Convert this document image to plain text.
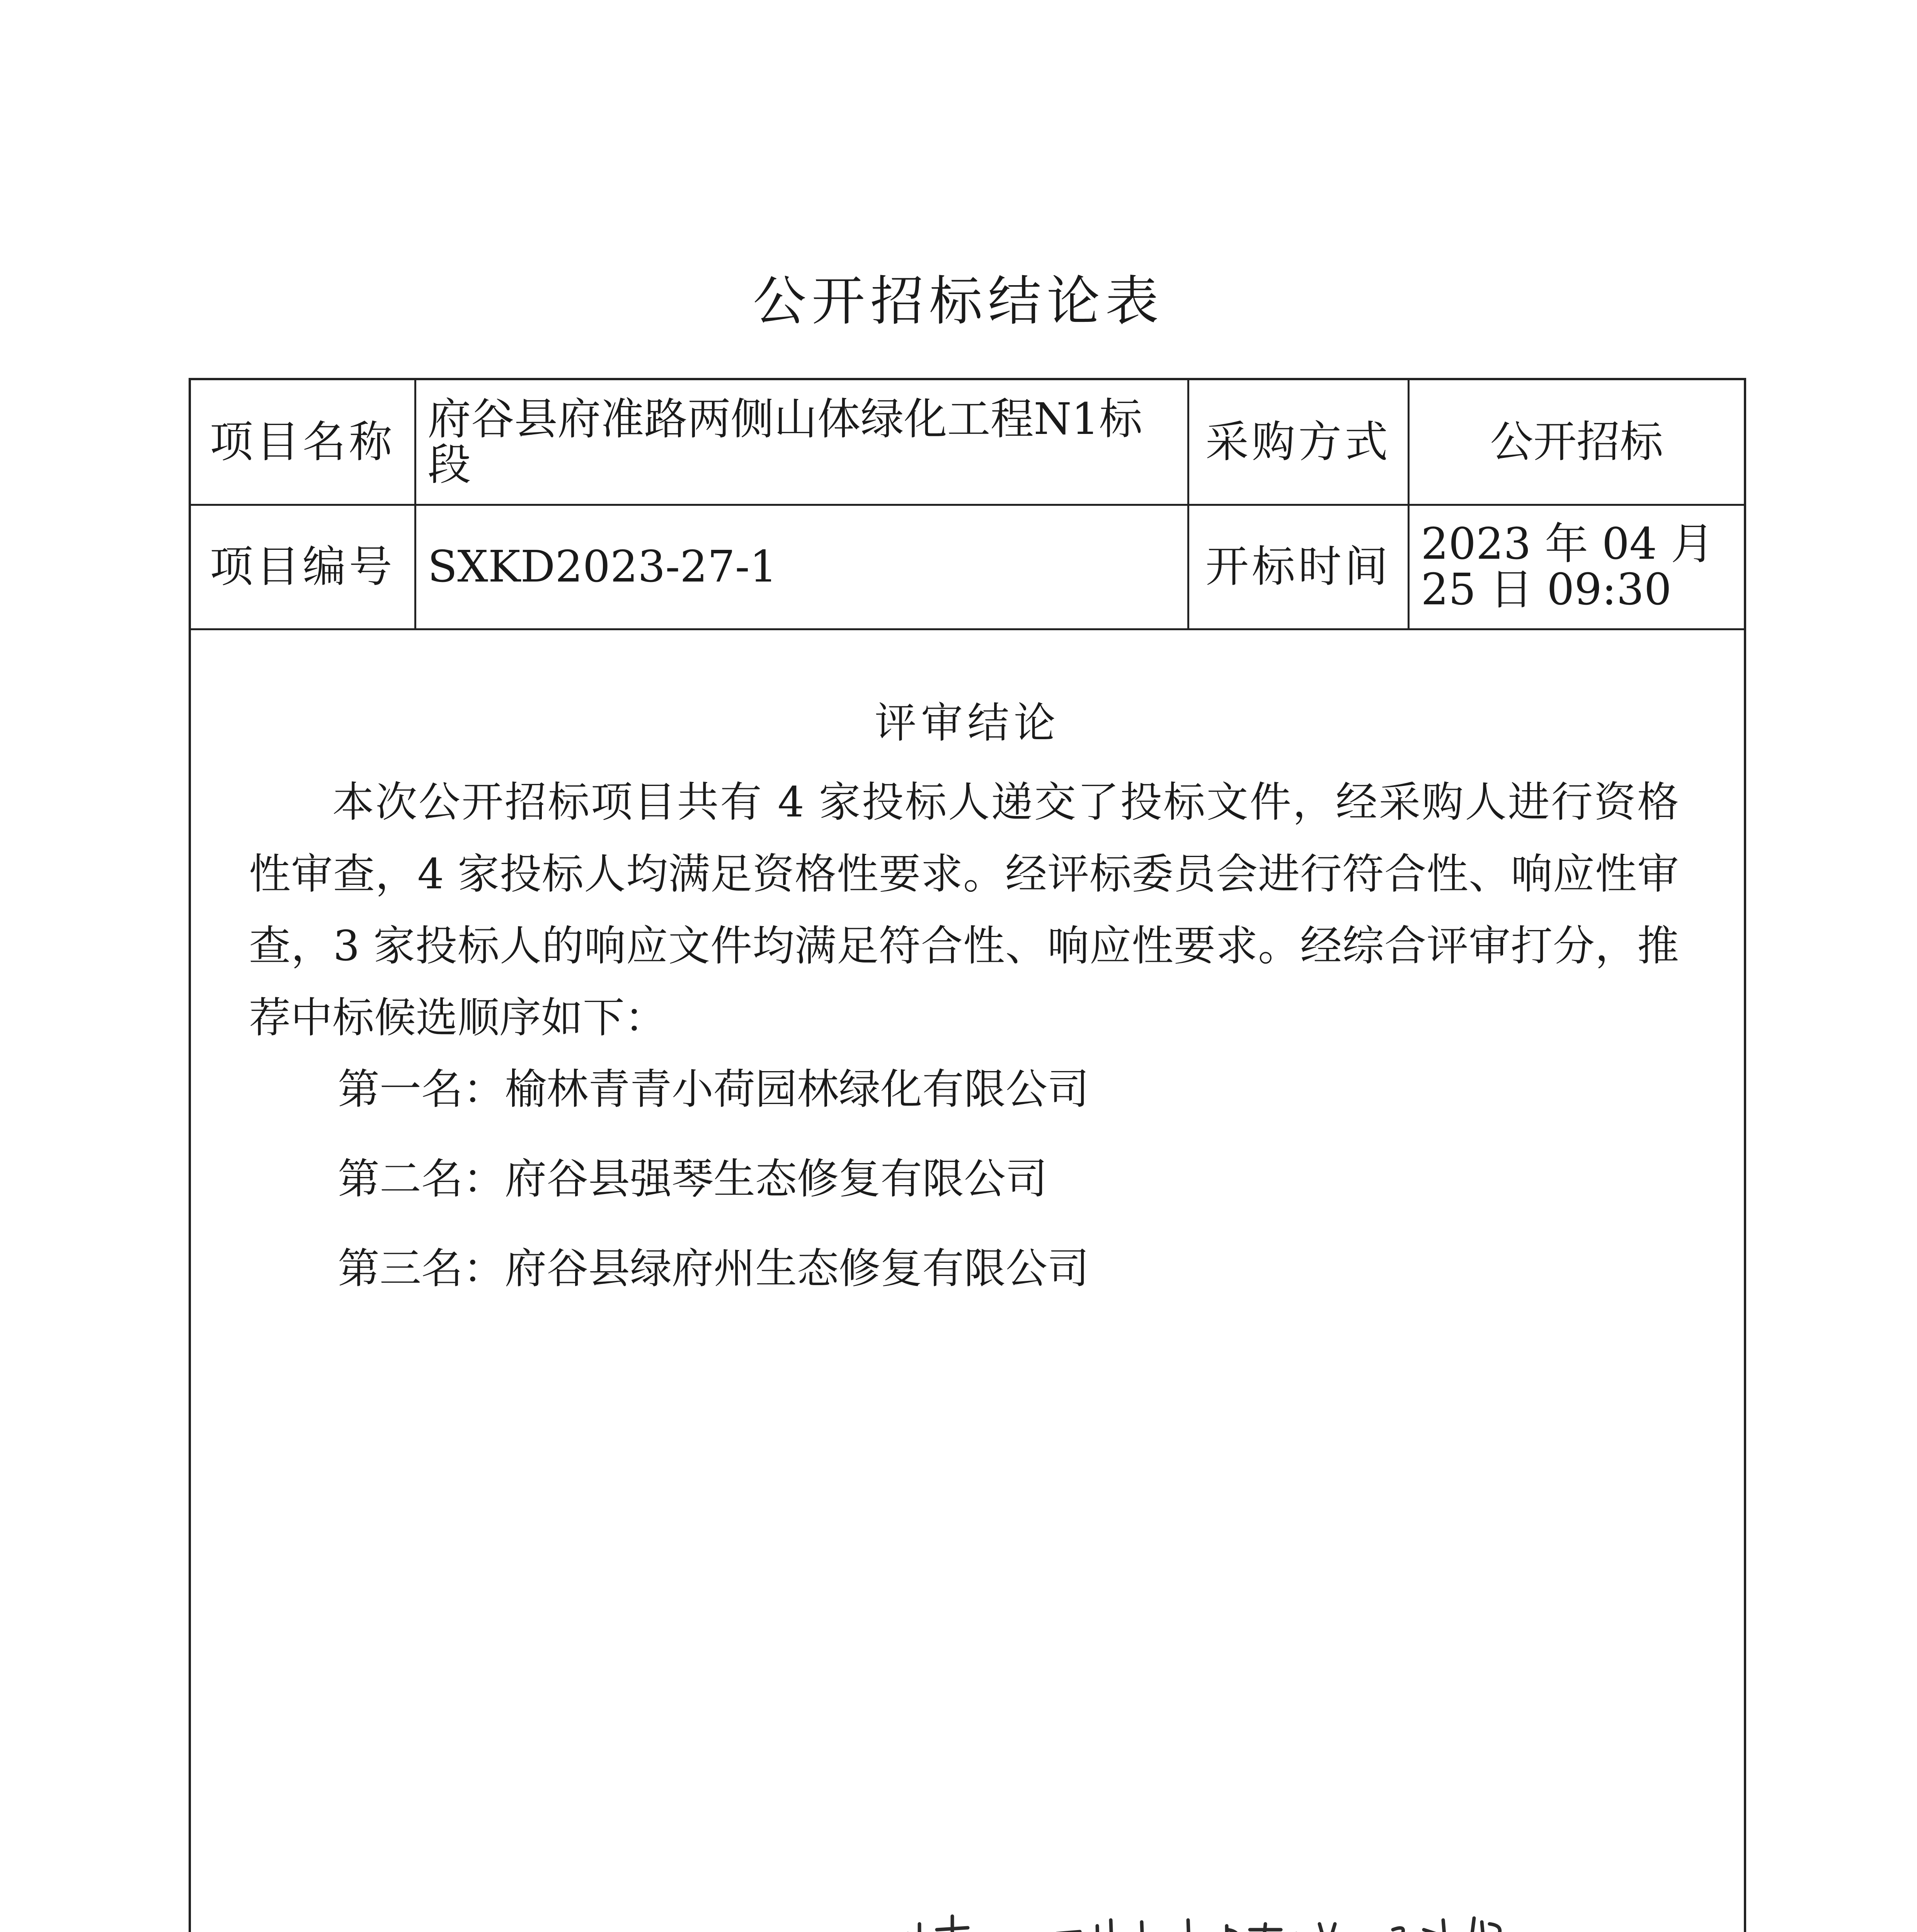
公开招标结论表
项目名称	府谷县府准路两侧山体绿化工程N1标段	采购方式	公开招标
项目编号	SXKD2023-27-1	开标时间	2023 年 04 月 25 日 09:30
评审结论
本次公开招标项目共有 4 家投标人递交了投标文件，经采购人进行资格性审查，4 家投标人均满足资格性要求。经评标委员会进行符合性、响应性审查，3 家投标人的响应文件均满足符合性、响应性要求。经综合评审打分，推荐中标候选顺序如下：
第一名：榆林青青小荷园林绿化有限公司
第二名：府谷县强琴生态修复有限公司
第三名：府谷县绿府州生态修复有限公司
